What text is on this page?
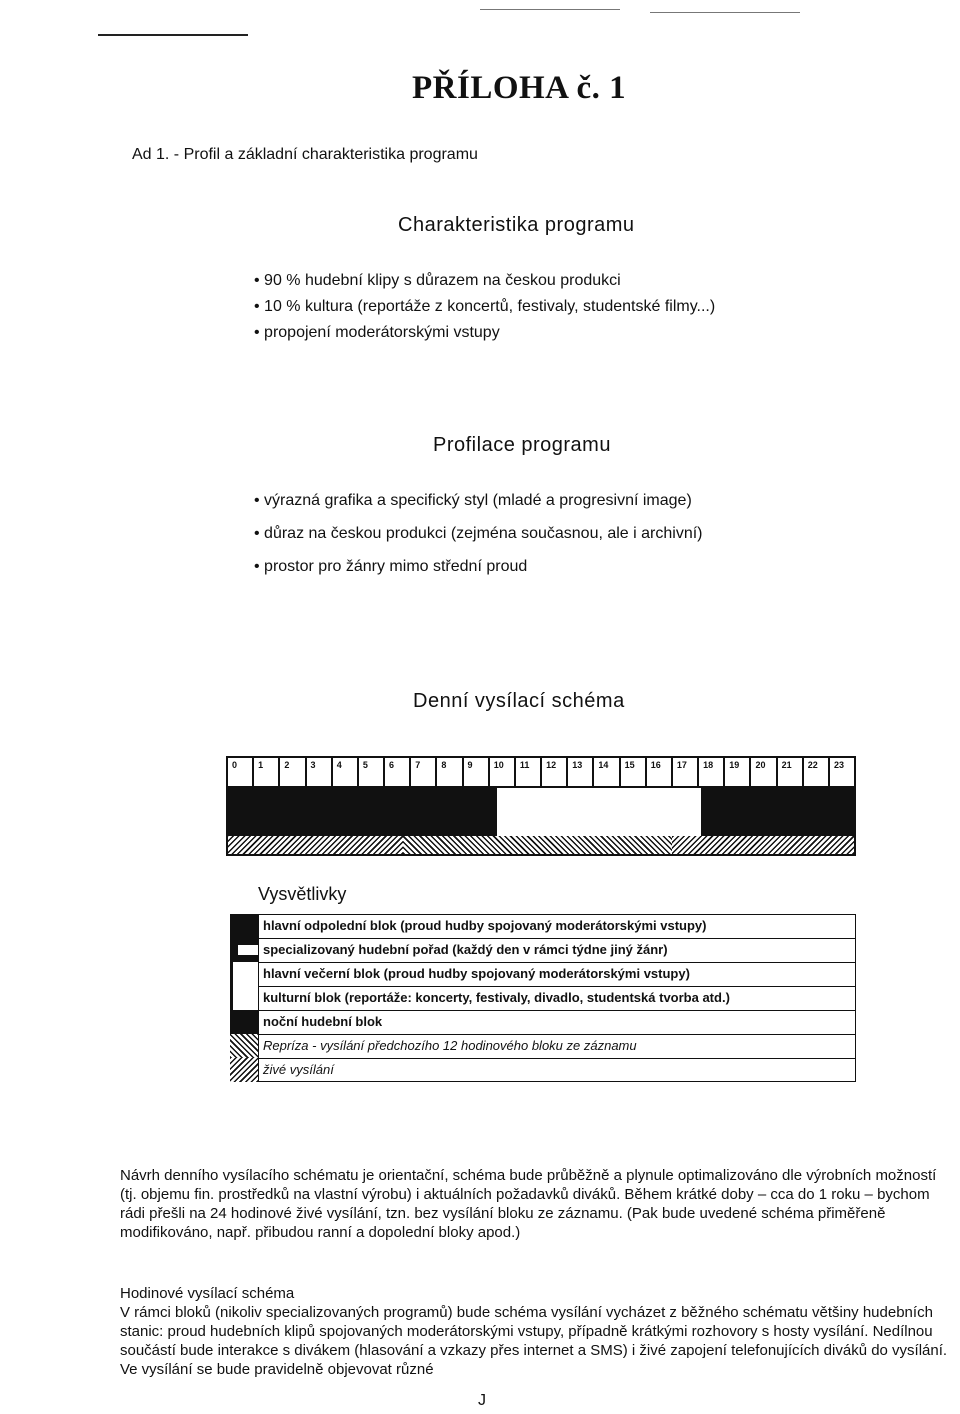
PŘÍLOHA č. 1
Ad 1. - Profil a základní charakteristika programu
Charakteristika programu
• 90 % hudební klipy s důrazem na českou produkci
• 10 % kultura (reportáže z koncertů, festivaly, studentské filmy...)
• propojení moderátorskými vstupy
Profilace programu
• výrazná grafika a specifický styl (mladé a progresivní image)
• důraz na českou produkci (zejména současnou, ale i archivní)
• prostor pro žánry mimo střední proud
Denní vysílací schéma
0	1	2	3	4	5	6	7	8	9	10	11	12	13	14	15	16	17	18	19	20	21	22	23
Vysvětlivky
hlavní odpolední blok (proud hudby spojovaný moderátorskými vstupy)
specializovaný hudební pořad (každý den v rámci týdne jiný žánr)
hlavní večerní blok (proud hudby spojovaný moderátorskými vstupy)
kulturní blok (reportáže: koncerty, festivaly, divadlo, studentská tvorba atd.)
noční hudební blok
Repríza - vysílání předchozího 12 hodinového bloku ze záznamu
živé vysílání
Návrh denního vysílacího schématu je orientační, schéma bude průběžně a plynule optimalizováno dle výrobních možností (tj. objemu fin. prostředků na vlastní výrobu) i aktuálních požadavků diváků. Během krátké doby – cca do 1 roku – bychom rádi přešli na 24 hodinové živé vysílání, tzn. bez vysílání bloku ze záznamu. (Pak bude uvedené schéma přiměřeně modifikováno, např. přibudou ranní a dopolední bloky apod.)
Hodinové vysílací schéma
V rámci bloků (nikoliv specializovaných programů) bude schéma vysílání vycházet z běžného schématu většiny hudebních stanic: proud hudebních klipů spojovaných moderátorskými vstupy, případně krátkými rozhovory s hosty vysílání. Nedílnou součástí bude interakce s divákem (hlasování a vzkazy přes internet a SMS) i živé zapojení telefonujících diváků do vysílání. Ve vysílání se bude pravidelně objevovat různé
J
